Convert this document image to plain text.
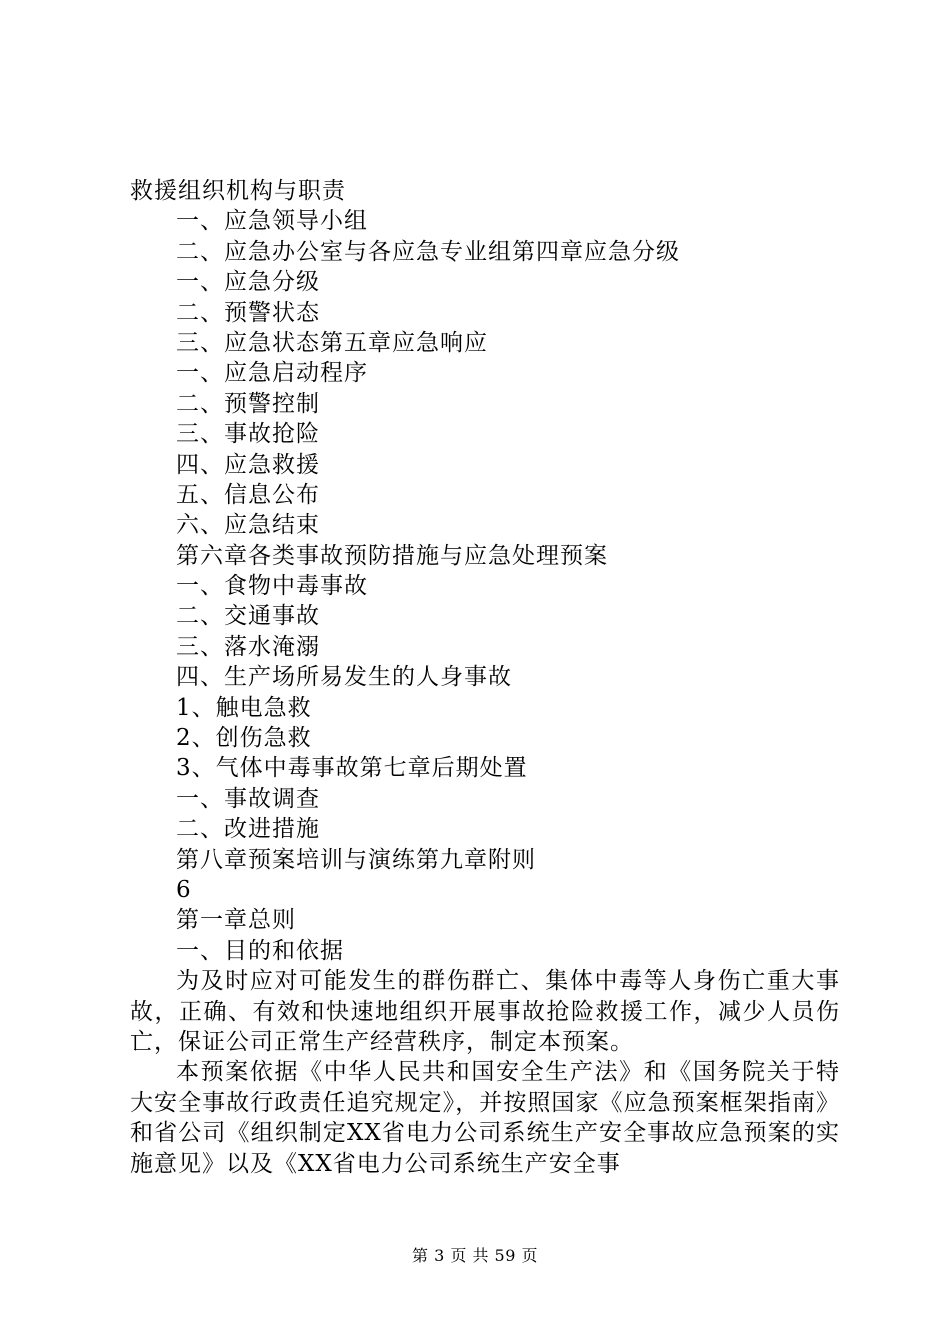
救援组织机构与职责
一、应急领导小组
二、应急办公室与各应急专业组第四章应急分级
一、应急分级
二、预警状态
三、应急状态第五章应急响应
一、应急启动程序
二、预警控制
三、事故抢险
四、应急救援
五、信息公布
六、应急结束
第六章各类事故预防措施与应急处理预案
一、食物中毒事故
二、交通事故
三、落水淹溺
四、生产场所易发生的人身事故
1、触电急救
2、创伤急救
3、气体中毒事故第七章后期处置
一、事故调查
二、改进措施
第八章预案培训与演练第九章附则
6
第一章总则
一、目的和依据
为及时应对可能发生的群伤群亡、集体中毒等人身伤亡重大事故，正确、有效和快速地组织开展事故抢险救援工作，减少人员伤亡，保证公司正常生产经营秩序，制定本预案。
本预案依据《中华人民共和国安全生产法》和《国务院关于特大安全事故行政责任追究规定》，并按照国家《应急预案框架指南》和省公司《组织制定XX省电力公司系统生产安全事故应急预案的实施意见》以及《XX省电力公司系统生产安全事
第 3 页 共 59 页
